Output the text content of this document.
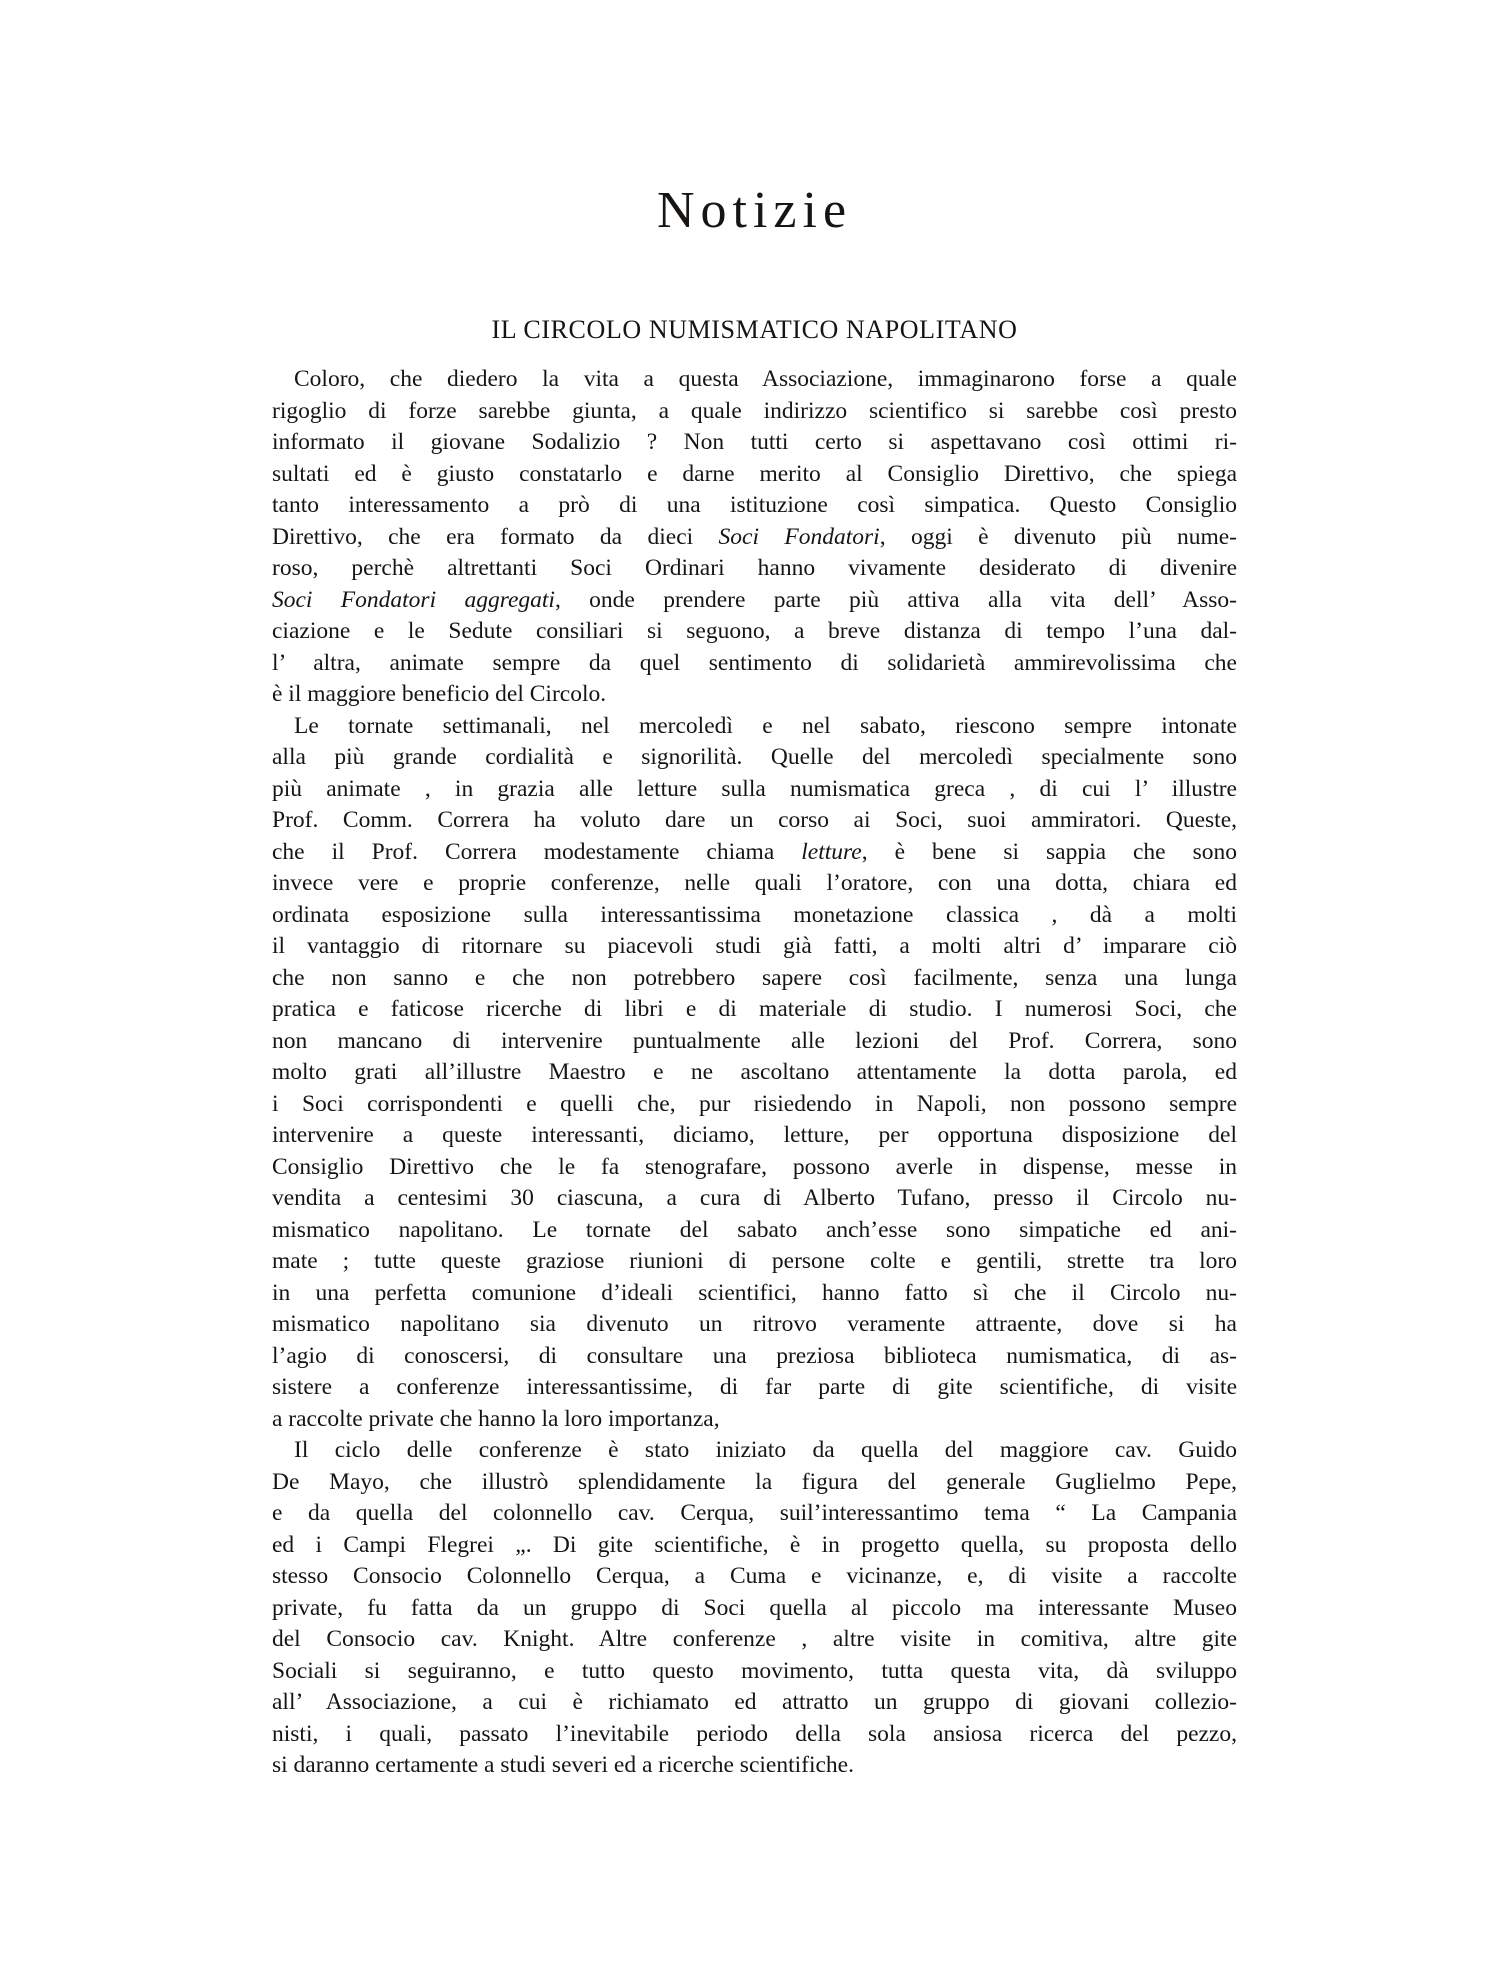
Notizie
IL CIRCOLO NUMISMATICO NAPOLITANO
Coloro, che diedero la vita a questa Associazione, immaginarono forse a quale
rigoglio di forze sarebbe giunta, a quale indirizzo scientifico si sarebbe così presto
informato il giovane Sodalizio ? Non tutti certo si aspettavano così ottimi ri-
sultati ed è giusto constatarlo e darne merito al Consiglio Direttivo, che spiega
tanto interessamento a prò di una istituzione così simpatica. Questo Consiglio
Direttivo, che era formato da dieci Soci Fondatori, oggi è divenuto più nume-
roso, perchè altrettanti Soci Ordinari hanno vivamente desiderato di divenire
Soci Fondatori aggregati, onde prendere parte più attiva alla vita dell’ Asso-
ciazione e le Sedute consiliari si seguono, a breve distanza di tempo l’una dal-
l’ altra, animate sempre da quel sentimento di solidarietà ammirevolissima che
è il maggiore beneficio del Circolo.
Le tornate settimanali, nel mercoledì e nel sabato, riescono sempre intonate
alla più grande cordialità e signorilità. Quelle del mercoledì specialmente sono
più animate , in grazia alle letture sulla numismatica greca , di cui l’ illustre
Prof. Comm. Correra ha voluto dare un corso ai Soci, suoi ammiratori. Queste,
che il Prof. Correra modestamente chiama letture, è bene si sappia che sono
invece vere e proprie conferenze, nelle quali l’oratore, con una dotta, chiara ed
ordinata esposizione sulla interessantissima monetazione classica , dà a molti
il vantaggio di ritornare su piacevoli studi già fatti, a molti altri d’ imparare ciò
che non sanno e che non potrebbero sapere così facilmente, senza una lunga
pratica e faticose ricerche di libri e di materiale di studio. I numerosi Soci, che
non mancano di intervenire puntualmente alle lezioni del Prof. Correra, sono
molto grati all’illustre Maestro e ne ascoltano attentamente la dotta parola, ed
i Soci corrispondenti e quelli che, pur risiedendo in Napoli, non possono sempre
intervenire a queste interessanti, diciamo, letture, per opportuna disposizione del
Consiglio Direttivo che le fa stenografare, possono averle in dispense, messe in
vendita a centesimi 30 ciascuna, a cura di Alberto Tufano, presso il Circolo nu-
mismatico napolitano. Le tornate del sabato anch’esse sono simpatiche ed ani-
mate ; tutte queste graziose riunioni di persone colte e gentili, strette tra loro
in una perfetta comunione d’ideali scientifici, hanno fatto sì che il Circolo nu-
mismatico napolitano sia divenuto un ritrovo veramente attraente, dove si ha
l’agio di conoscersi, di consultare una preziosa biblioteca numismatica, di as-
sistere a conferenze interessantissime, di far parte di gite scientifiche, di visite
a raccolte private che hanno la loro importanza,
Il ciclo delle conferenze è stato iniziato da quella del maggiore cav. Guido
De Mayo, che illustrò splendidamente la figura del generale Guglielmo Pepe,
e da quella del colonnello cav. Cerqua, suil’interessantimo tema “ La Campania
ed i Campi Flegrei „. Di gite scientifiche, è in progetto quella, su proposta dello
stesso Consocio Colonnello Cerqua, a Cuma e vicinanze, e, di visite a raccolte
private, fu fatta da un gruppo di Soci quella al piccolo ma interessante Museo
del Consocio cav. Knight. Altre conferenze , altre visite in comitiva, altre gite
Sociali si seguiranno, e tutto questo movimento, tutta questa vita, dà sviluppo
all’ Associazione, a cui è richiamato ed attratto un gruppo di giovani collezio-
nisti, i quali, passato l’inevitabile periodo della sola ansiosa ricerca del pezzo,
si daranno certamente a studi severi ed a ricerche scientifiche.
